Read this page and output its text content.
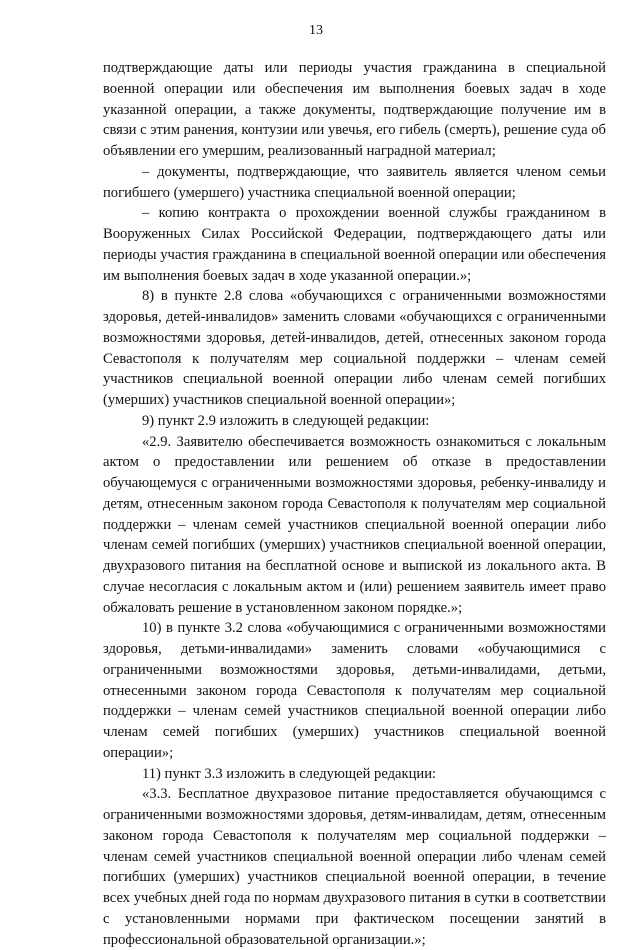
13

подтверждающие даты или периоды участия гражданина в специальной военной операции или обеспечения им выполнения боевых задач в ходе указанной операции, а также документы, подтверждающие получение им в связи с этим ранения, контузии или увечья, его гибель (смерть), решение суда об объявлении его умершим, реализованный наградной материал;

– документы, подтверждающие, что заявитель является членом семьи погибшего (умершего) участника специальной военной операции;

– копию контракта о прохождении военной службы гражданином в Вооруженных Силах Российской Федерации, подтверждающего даты или периоды участия гражданина в специальной военной операции или обеспечения им выполнения боевых задач в ходе указанной операции.»;

8) в пункте 2.8 слова «обучающихся с ограниченными возможностями здоровья, детей-инвалидов» заменить словами «обучающихся с ограниченными возможностями здоровья, детей-инвалидов, детей, отнесенных законом города Севастополя к получателям мер социальной поддержки – членам семей участников специальной военной операции либо членам семей погибших (умерших) участников специальной военной операции»;

9) пункт 2.9 изложить в следующей редакции:

«2.9. Заявителю обеспечивается возможность ознакомиться с локальным актом о предоставлении или решением об отказе в предоставлении обучающемуся с ограниченными возможностями здоровья, ребенку-инвалиду и детям, отнесенным законом города Севастополя к получателям мер социальной поддержки – членам семей участников специальной военной операции либо членам семей погибших (умерших) участников специальной военной операции, двухразового питания на бесплатной основе и выпиской из локального акта. В случае несогласия с локальным актом и (или) решением заявитель имеет право обжаловать решение в установленном законом порядке.»;

10) в пункте 3.2 слова «обучающимися с ограниченными возможностями здоровья, детьми-инвалидами» заменить словами «обучающимися с ограниченными возможностями здоровья, детьми-инвалидами, детьми, отнесенными законом города Севастополя к получателям мер социальной поддержки – членам семей участников специальной военной операции либо членам семей погибших (умерших) участников специальной военной операции»;

11) пункт 3.3 изложить в следующей редакции:

«3.3. Бесплатное двухразовое питание предоставляется обучающимся с ограниченными возможностями здоровья, детям-инвалидам, детям, отнесенным законом города Севастополя к получателям мер социальной поддержки – членам семей участников специальной военной операции либо членам семей погибших (умерших) участников специальной военной операции, в течение всех учебных дней года по нормам двухразового питания в сутки в соответствии с установленными нормами при фактическом посещении занятий в профессиональной образовательной организации.»;
